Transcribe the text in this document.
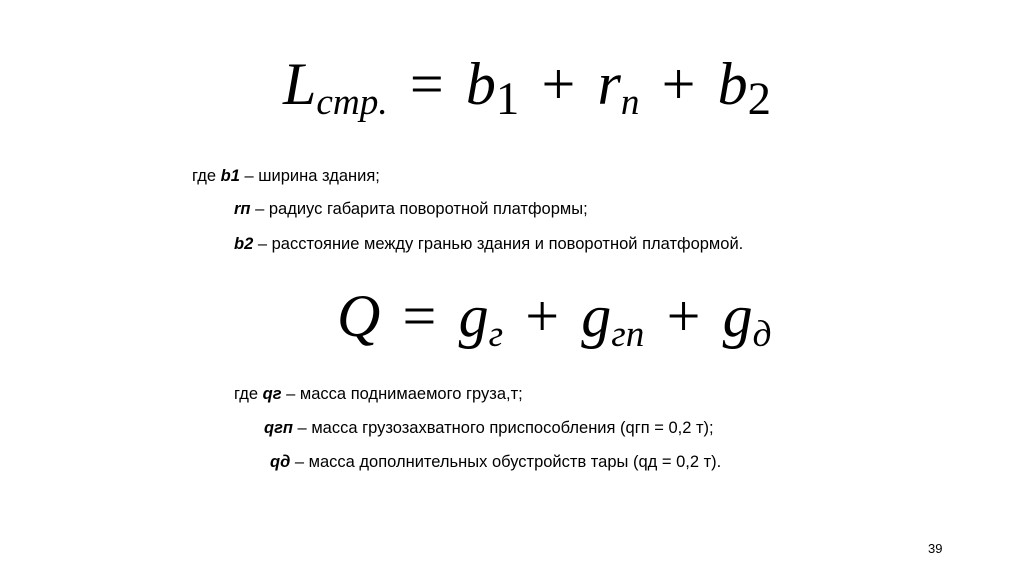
Lстр. = b1 + rп + b2
где b1 – ширина здания;
rп – радиус габарита поворотной платформы;
b2 – расстояние между гранью здания и поворотной платформой.
Q = gг + gгп + gд
где qг – масса поднимаемого груза,т;
qгп – масса грузозахватного приспособления (qгп = 0,2 т);
qд – масса дополнительных обустройств тары (qд = 0,2 т).
39
